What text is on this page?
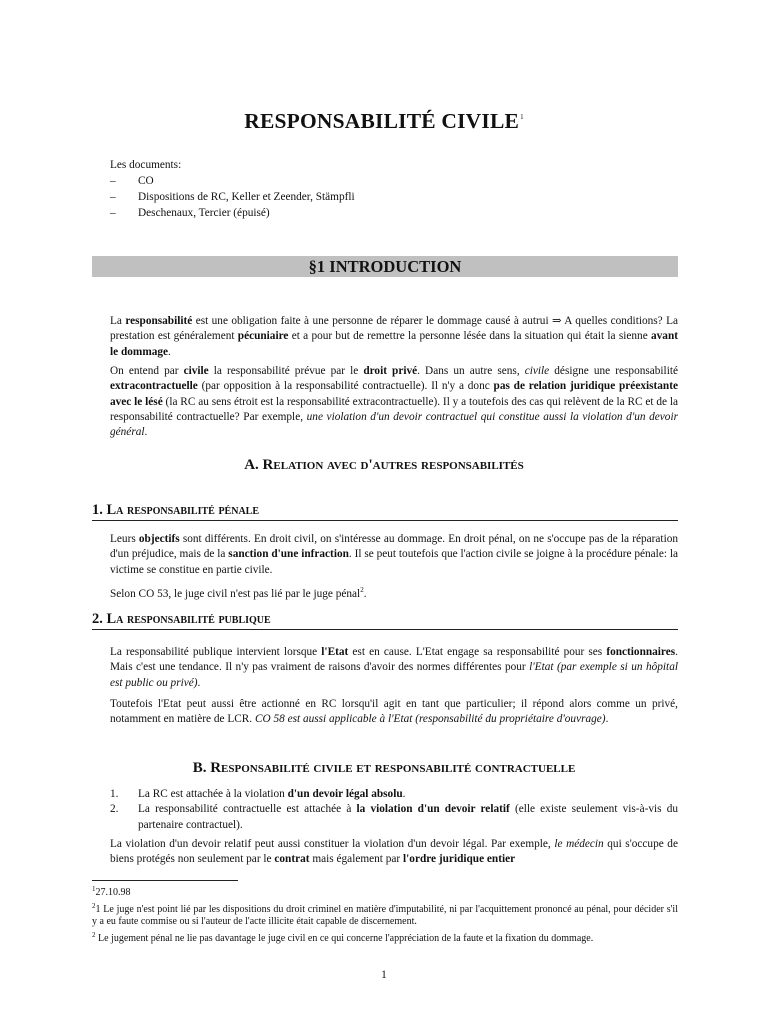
RESPONSABILITÉ CIVILE$^1$
Les documents:
–	CO
–	Dispositions de RC, Keller et Zeender, Stämpfli
–	Deschenaux, Tercier (épuisé)
§1 INTRODUCTION
La responsabilité est une obligation faite à une personne de réparer le dommage causé à autrui ⇒ A quelles conditions? La prestation est généralement pécuniaire et a pour but de remettre la personne lésée dans la situation qui était la sienne avant le dommage.
On entend par civile la responsabilité prévue par le droit privé. Dans un autre sens, civile désigne une responsabilité extracontractuelle (par opposition à la responsabilité contractuelle). Il n'y a donc pas de relation juridique préexistante avec le lésé (la RC au sens étroit est la responsabilité extracontractuelle). Il y a toutefois des cas qui relèvent de la RC et de la responsabilité contractuelle? Par exemple, une violation d'un devoir contractuel qui constitue aussi la violation d'un devoir général.
A. Relation avec d'autres responsabilités
1. La responsabilité pénale
Leurs objectifs sont différents. En droit civil, on s'intéresse au dommage. En droit pénal, on ne s'occupe pas de la réparation d'un préjudice, mais de la sanction d'une infraction. Il se peut toutefois que l'action civile se joigne à la procédure pénale: la victime se constitue en partie civile.
Selon CO 53, le juge civil n'est pas lié par le juge pénal$^2$.
2. La responsabilité publique
La responsabilité publique intervient lorsque l'Etat est en cause. L'Etat engage sa responsabilité pour ses fonctionnaires. Mais c'est une tendance. Il n'y pas vraiment de raisons d'avoir des normes différentes pour l'Etat (par exemple si un hôpital est public ou privé).
Toutefois l'Etat peut aussi être actionné en RC lorsqu'il agit en tant que particulier; il répond alors comme un privé, notamment en matière de LCR. CO 58 est aussi applicable à l'Etat (responsabilité du propriétaire d'ouvrage).
B. Responsabilité civile et responsabilité contractuelle
1.	La RC est attachée à la violation d'un devoir légal absolu.
2.	La responsabilité contractuelle est attachée à la violation d'un devoir relatif (elle existe seulement vis-à-vis du partenaire contractuel).
La violation d'un devoir relatif peut aussi constituer la violation d'un devoir légal. Par exemple, le médecin qui s'occupe de biens protégés non seulement par le contrat mais également par l'ordre juridique entier
$^1$27.10.98
$^2$1 Le juge n'est point lié par les dispositions du droit criminel en matière d'imputabilité, ni par l'acquittement prononcé au pénal, pour décider s'il y a eu faute commise ou si l'auteur de l'acte illicite était capable de discernement.
$^2$ Le jugement pénal ne lie pas davantage le juge civil en ce qui concerne l'appréciation de la faute et la fixation du dommage.
1
